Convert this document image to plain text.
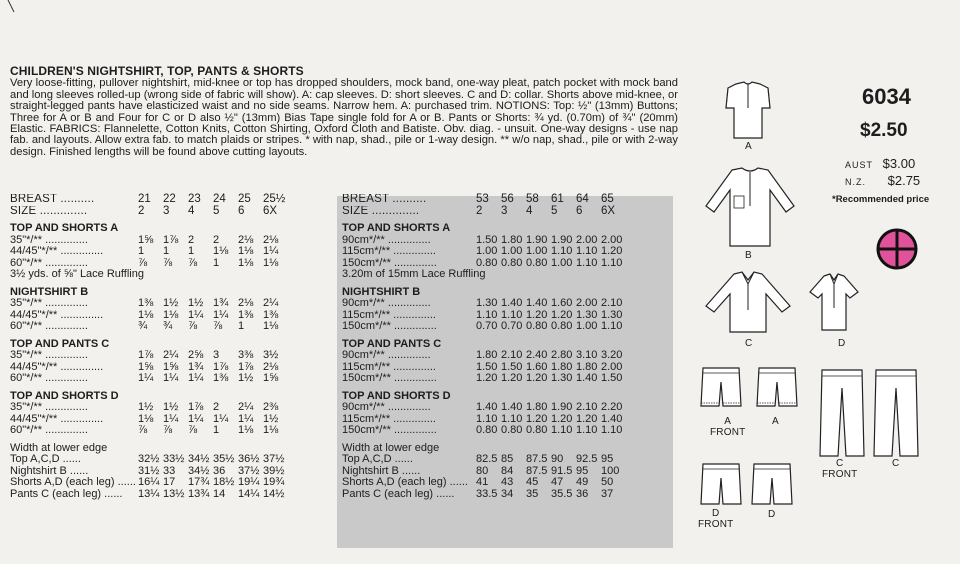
CHILDREN'S NIGHTSHIRT, TOP, PANTS & SHORTS
Very loose-fitting, pullover nightshirt, mid-knee or top has dropped shoulders, mock band, one-way pleat, patch pocket with mock band and long sleeves rolled-up (wrong side of fabric will show). A: cap sleeves. D: short sleeves. C and D: collar. Shorts above mid-knee, or straight-legged pants have elasticized waist and no side seams. Narrow hem. A: purchased trim. NOTIONS: Top: ½" (13mm) Buttons; Three for A or B and Four for C or D also ½" (13mm) Bias Tape single fold for A or B. Pants or Shorts: ¾ yd. (0.70m) of ¾" (20mm) Elastic. FABRICS: Flannelette, Cotton Knits, Cotton Shirting, Oxford Cloth and Batiste. Obv. diag. - unsuit. One-way designs - use nap fab. and layouts. Allow extra fab. to match plaids or stripes. * with nap, shad., pile or 1-way design. ** w/o nap, shad., pile or with 2-way design. Finished lengths will be found above cutting layouts.

BREAST ..........	21	22	23	24	25	25½
SIZE ..............	2	3	4	5	6	6X
TOP AND SHORTS A						
35"*/** ..............	1⅝	1⅞	2	2	2⅛	2⅛
44/45"*/** ..............	1	1	1	1⅛	1⅛	1¼
60"*/** ..............	⅞	⅞	⅞	1	1⅛	1⅛
3½ yds. of ⅝" Lace Ruffling						
NIGHTSHIRT B						
35"*/** ..............	1⅜	1½	1½	1¾	2⅛	2¼
44/45"*/** ..............	1⅛	1⅛	1¼	1¼	1⅜	1⅜
60"*/** ..............	¾	¾	⅞	⅞	1	1⅛
TOP AND PANTS C						
35"*/** ..............	1⅞	2¼	2⅝	3	3⅜	3½
44/45"*/** ..............	1⅝	1⅝	1¾	1⅞	1⅞	2⅛
60"*/** ..............	1¼	1¼	1¼	1⅜	1½	1⅝
TOP AND SHORTS D						
35"*/** ..............	1½	1½	1⅞	2	2¼	2⅜
44/45"*/** ..............	1⅛	1¼	1¼	1¼	1¼	1½
60"*/** ..............	⅞	⅞	⅞	1	1⅛	1⅛
Width at lower edge						
Top A,C,D ......	32½	33½	34½	35½	36½	37½
Nightshirt B ......	31½	33	34½	36	37½	39½
Shorts A,D (each leg) ......	16¼	17	17¾	18½	19¼	19¾
Pants C (each leg) ......	13¼	13½	13¾	14	14¼	14½
BREAST ..........	53	56	58	61	64	65
SIZE ..............	2	3	4	5	6	6X
TOP AND SHORTS A						
90cm*/** ..............	1.50	1.80	1.90	1.90	2.00	2.00
115cm*/** ..............	1.00	1.00	1.00	1.10	1.10	1.20
150cm*/** ..............	0.80	0.80	0.80	1.00	1.10	1.10
3.20m of 15mm Lace Ruffling						
NIGHTSHIRT B						
90cm*/** ..............	1.30	1.40	1.40	1.60	2.00	2.10
115cm*/** ..............	1.10	1.10	1.20	1.20	1.30	1.30
150cm*/** ..............	0.70	0.70	0.80	0.80	1.00	1.10
TOP AND PANTS C						
90cm*/** ..............	1.80	2.10	2.40	2.80	3.10	3.20
115cm*/** ..............	1.50	1.50	1.60	1.80	1.80	2.00
150cm*/** ..............	1.20	1.20	1.20	1.30	1.40	1.50
TOP AND SHORTS D						
90cm*/** ..............	1.40	1.40	1.80	1.90	2.10	2.20
115cm*/** ..............	1.10	1.10	1.20	1.20	1.20	1.40
150cm*/** ..............	0.80	0.80	0.80	1.10	1.10	1.10
Width at lower edge						
Top A,C,D ......	82.5	85	87.5	90	92.5	95
Nightshirt B ......	80	84	87.5	91.5	95	100
Shorts A,D (each leg) ......	41	43	45	47	49	50
Pants C (each leg) ......	33.5	34	35	35.5	36	37
6034
$2.50
AUST $3.00
N.Z. $2.75
*Recommended price
A
B
C	D
A
FRONT
A
C
FRONT
C
D
FRONT
D
